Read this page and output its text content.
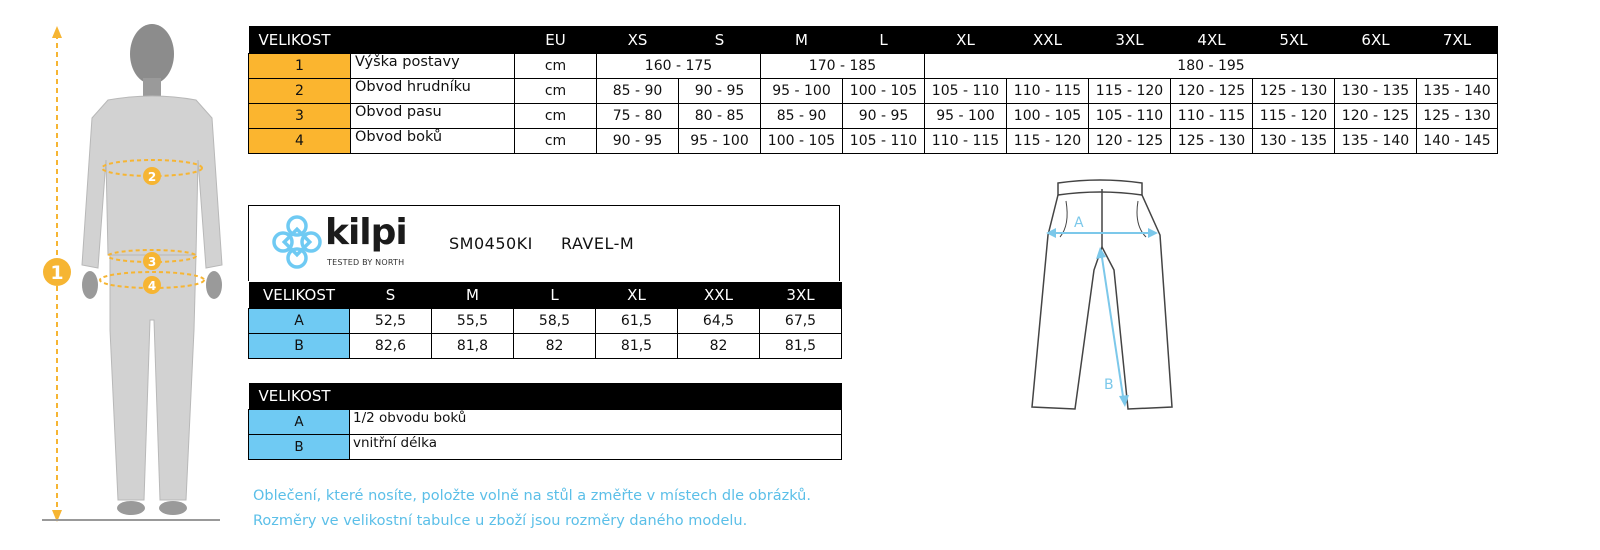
1
2
3
4
VELIKOST		EU	XS	S	M	L	XL	XXL	3XL	4XL	5XL	6XL	7XL
1	Výška postavy	cm	160 - 175		170 - 185		180 - 195						
2	Obvod hrudníku	cm	85 - 90	90 - 95	95 - 100	100 - 105	105 - 110	110 - 115	115 - 120	120 - 125	125 - 130	130 - 135	135 - 140
3	Obvod pasu	cm	75 - 80	80 - 85	85 - 90	90 - 95	95 - 100	100 - 105	105 - 110	110 - 115	115 - 120	120 - 125	125 - 130
4	Obvod boků	cm	90 - 95	95 - 100	100 - 105	105 - 110	110 - 115	115 - 120	120 - 125	125 - 130	130 - 135	135 - 140	140 - 145
kilpi
TESTED BY NORTH
SM0450KI RAVEL-M
VELIKOST	S	M	L	XL	XXL	3XL
A	52,5	55,5	58,5	61,5	64,5	67,5
B	82,6	81,8	82	81,5	82	81,5
VELIKOST	
A	1/2 obvodu boků
B	vnitřní délka
A
B
Oblečení, které nosíte, položte volně na stůl a změřte v místech dle obrázků.
Rozměry ve velikostní tabulce u zboží jsou rozměry daného modelu.
